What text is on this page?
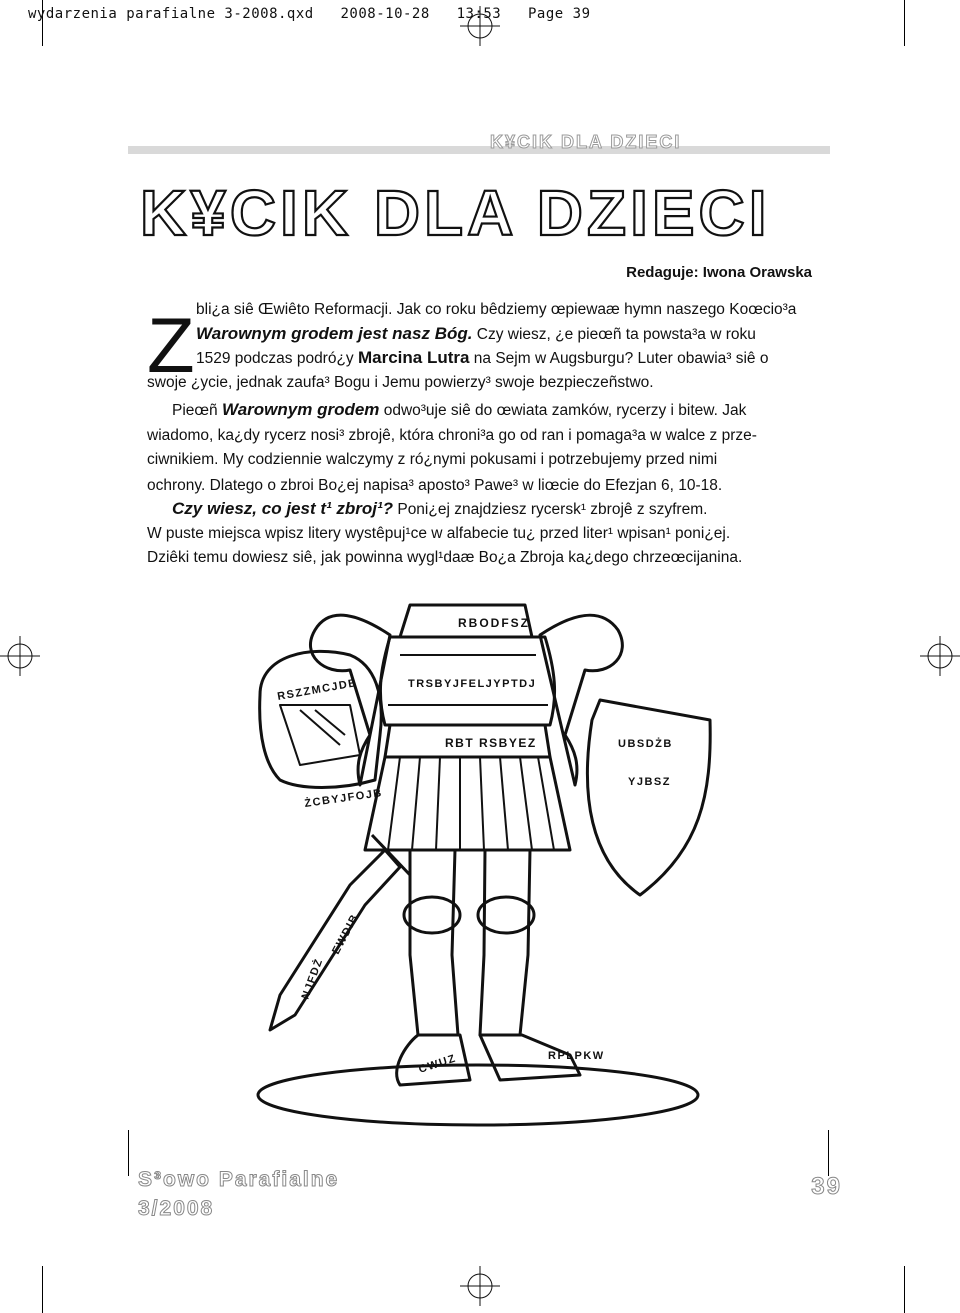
wydarzenia parafialne 3-2008.qxd   2008-10-28   13:53   Page 39
K¥CIK DLA DZIECI
K¥CIK DLA DZIECI
Redaguje: Iwona Orawska
Z bli¿a siê Œwiêto Reformacji. Jak co roku bêdziemy œpiewaæ hymn naszego Koœcio³a
Warownym grodem jest nasz Bóg. Czy wiesz, ¿e pieœñ ta powsta³a w roku
1529 podczas podró¿y Marcina Lutra na Sejm w Augsburgu? Luter obawia³ siê o
swoje ¿ycie, jednak zaufa³ Bogu i Jemu powierzy³ swoje bezpieczeñstwo.
Pieœñ Warownym grodem odwo³uje siê do œwiata zamków, rycerzy i bitew. Jak
wiadomo, ka¿dy rycerz nosi³ zbrojê, która chroni³a go od ran i pomaga³a w walce z prze-
ciwnikiem. My codziennie walczymy z ró¿nymi pokusami i potrzebujemy przed nimi
ochrony. Dlatego o zbroi Bo¿ej napisa³ aposto³ Pawe³ w liœcie do Efezjan 6, 10-18.
Czy wiesz, co jest t¹ zbroj¹? Poni¿ej znajdziesz rycersk¹ zbrojê z szyfrem.
W puste miejsca wpisz litery wystêpuj¹ce w alfabecie tu¿ przed liter¹ wpisan¹ poni¿ej.
Dziêki temu dowiesz siê, jak powinna wygl¹daæ Bo¿a Zbroja ka¿dego chrzeœcijanina.
RBODFSZ
TRSBYJFELJYPTDJ
RBT RSBYEZ
RSZZMCJDB
ŻCBYJFOJB
UBSDŻB
YJBSZ
NJFDŻ
EWDIB
CWUZ	RPLPKW
S³owo Parafialne
3/2008
39
